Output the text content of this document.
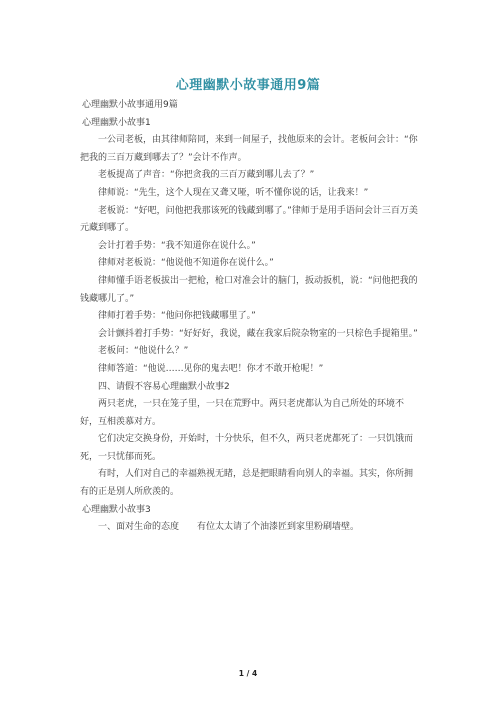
心理幽默小故事通用9篇

心理幽默小故事通用9篇

心理幽默小故事1

一公司老板，由其律师陪同，来到一间屋子，找他原来的会计。老板问会计：“你把我的三百万藏到哪去了？”会计不作声。

老板提高了声音：“你把贪我的三百万藏到哪儿去了？”

律师说：“先生，这个人现在又聋又哑，听不懂你说的话，让我来！”

老板说：“好吧，问他把我那该死的钱藏到哪了。”律师于是用手语问会计三百万美元藏到哪了。

会计打着手势：“我不知道你在说什么。”

律师对老板说：“他说他不知道你在说什么。”

律师懂手语老板拔出一把枪，枪口对准会计的脑门，扳动扳机，说：“问他把我的钱藏哪儿了。”

律师打着手势：“他问你把钱藏哪里了。”

会计颤抖着打手势：“好好好，我说，藏在我家后院杂物室的一只棕色手提箱里。”

老板问：“他说什么？”

律师答道：“他说……见你的鬼去吧！你才不敢开枪呢！”

四、请假不容易心理幽默小故事2

两只老虎，一只在笼子里，一只在荒野中。两只老虎都认为自己所处的环境不好，互相羡慕对方。

它们决定交换身份，开始时，十分快乐，但不久，两只老虎都死了：一只饥饿而死，一只忧郁而死。

有时，人们对自己的幸福熟视无睹，总是把眼睛看向别人的幸福。其实，你所拥有的正是别人所欣羡的。

心理幽默小故事3

一、面对生命的态度　　有位太太请了个油漆匠到家里粉刷墙壁。

1 / 4
